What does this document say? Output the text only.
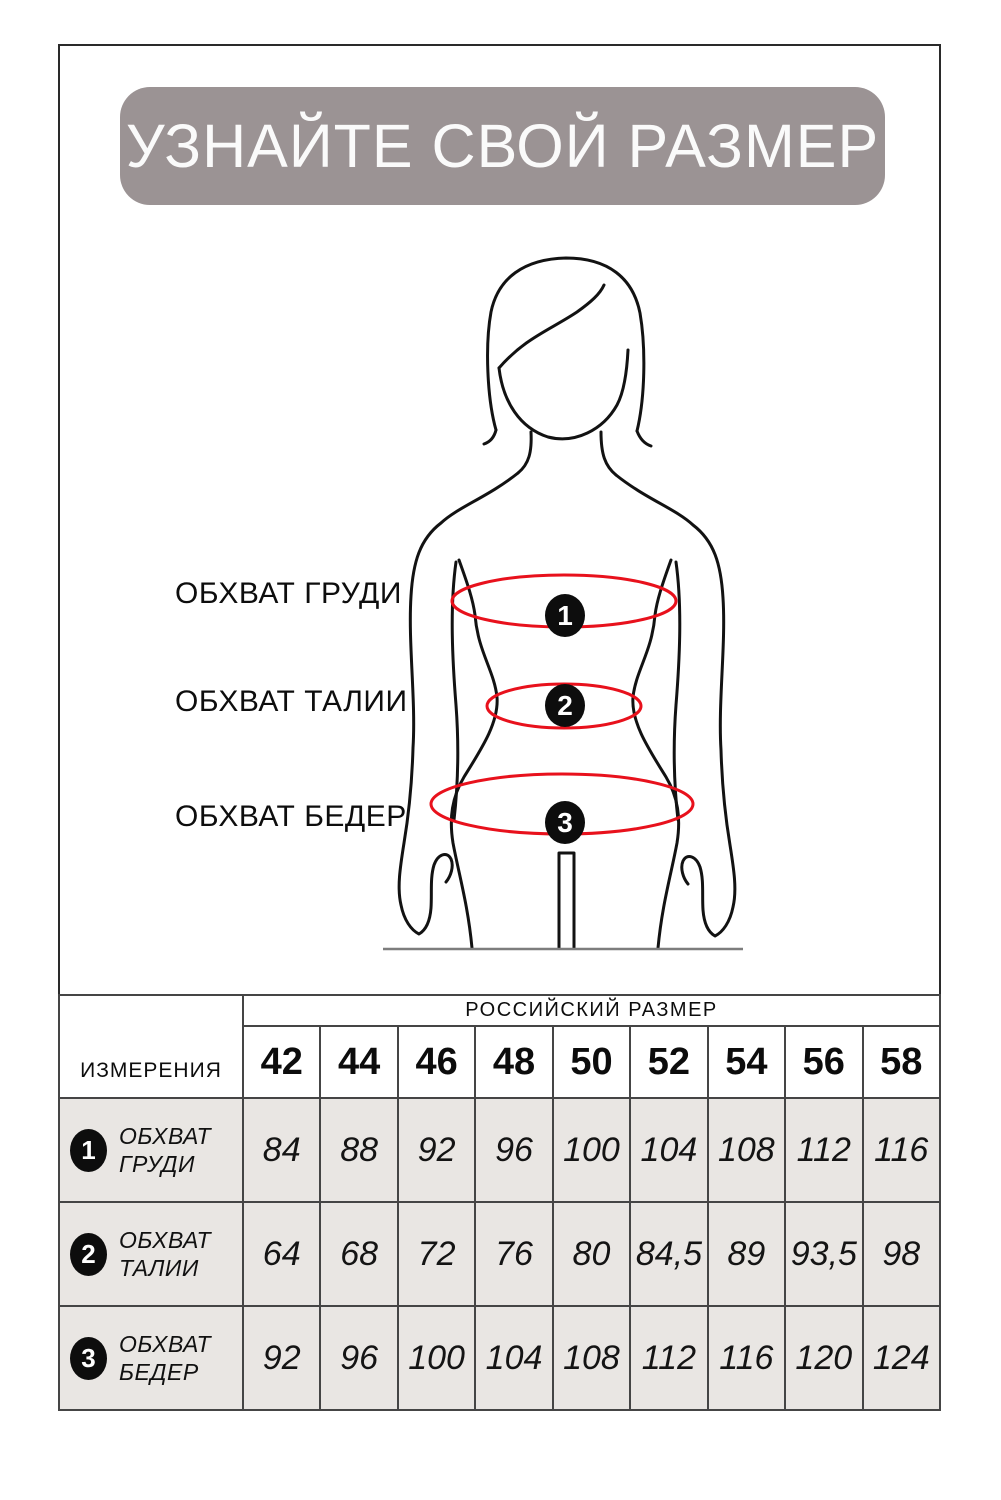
УЗНАЙТЕ СВОЙ РАЗМЕР
ОБХВАТ ГРУДИ
ОБХВАТ ТАЛИИ
ОБХВАТ БЕДЕР
1
2
3
ИЗМЕРЕНИЯ	РОССИЙСКИЙ РАЗМЕР								
	42	44	46	48	50	52	54	56	58

1 ОБХВАТ
ГРУДИ	84	88	92	96	100	104	108	112	116

2 ОБХВАТ
ТАЛИИ	64	68	72	76	80	84,5	89	93,5	98

3 ОБХВАТ
БЕДЕР	92	96	100	104	108	112	116	120	124
